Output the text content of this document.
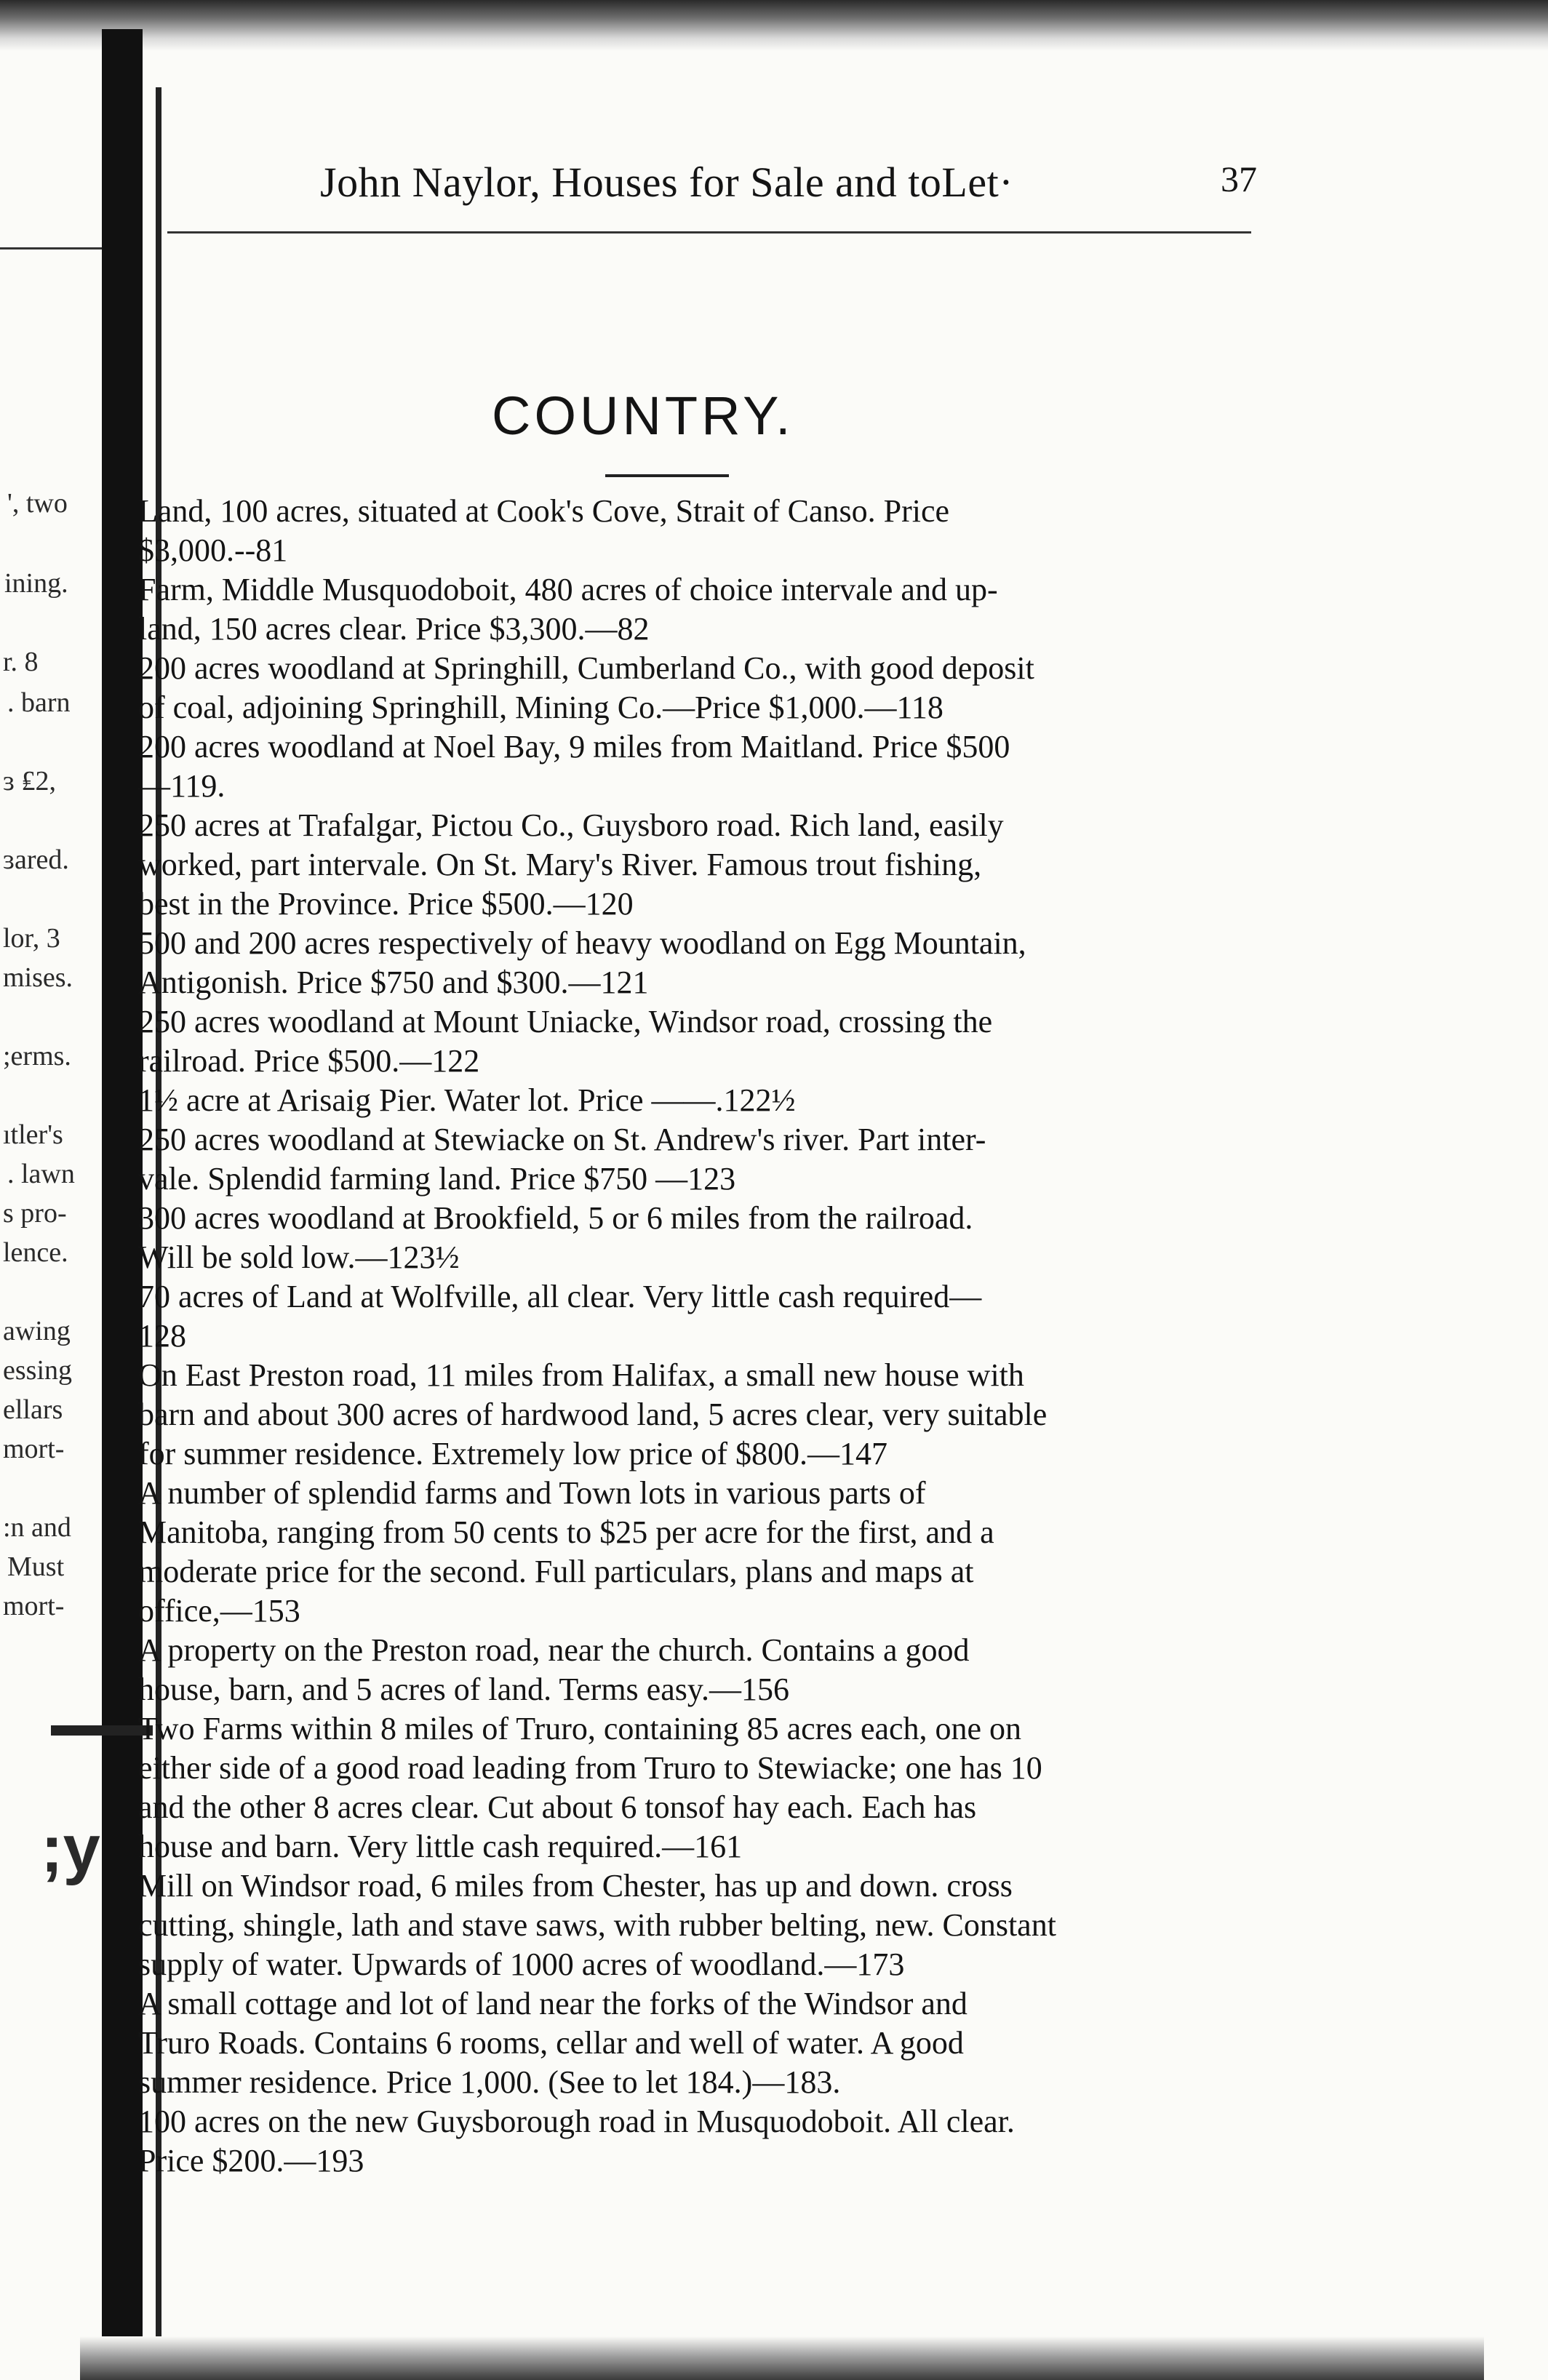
', two
ining.
r. 8
. barn
ɜ ₤2,
ɜared.
lor, 3
mises.
;erms.
ıtler's
. lawn
s pro-
lence.
awing
essing
ellars
mort-
:n and
Must
mort-
;y
John Naylor, Houses for Sale and toLet·	37
COUNTRY.
Land, 100 acres, situated at Cook's Cove, Strait of Canso. Price
$3,000.--81
Farm, Middle Musquodoboit, 480 acres of choice intervale and up-
land, 150 acres clear. Price $3,300.—82
200 acres woodland at Springhill, Cumberland Co., with good deposit
of coal, adjoining Springhill, Mining Co.—Price $1,000.—118
200 acres woodland at Noel Bay, 9 miles from Maitland. Price $500
—119.
250 acres at Trafalgar, Pictou Co., Guysboro road. Rich land, easily
worked, part intervale. On St. Mary's River. Famous trout fishing,
best in the Province. Price $500.—120
500 and 200 acres respectively of heavy woodland on Egg Mountain,
Antigonish. Price $750 and $300.—121
250 acres woodland at Mount Uniacke, Windsor road, crossing the
railroad. Price $500.—122
1½ acre at Arisaig Pier. Water lot. Price ——.122½
250 acres woodland at Stewiacke on St. Andrew's river. Part inter-
vale. Splendid farming land. Price $750 —123
300 acres woodland at Brookfield, 5 or 6 miles from the railroad.
Will be sold low.—123½
70 acres of Land at Wolfville, all clear. Very little cash required—
128
On East Preston road, 11 miles from Halifax, a small new house with
barn and about 300 acres of hardwood land, 5 acres clear, very suitable
for summer residence. Extremely low price of $800.—147
A number of splendid farms and Town lots in various parts of
Manitoba, ranging from 50 cents to $25 per acre for the first, and a
moderate price for the second. Full particulars, plans and maps at
office,—153
A property on the Preston road, near the church. Contains a good
house, barn, and 5 acres of land. Terms easy.—156
Two Farms within 8 miles of Truro, containing 85 acres each, one on
either side of a good road leading from Truro to Stewiacke; one has 10
and the other 8 acres clear. Cut about 6 tonsof hay each. Each has
house and barn. Very little cash required.—161
Mill on Windsor road, 6 miles from Chester, has up and down. cross
cutting, shingle, lath and stave saws, with rubber belting, new. Constant
supply of water. Upwards of 1000 acres of woodland.—173
A small cottage and lot of land near the forks of the Windsor and
Truro Roads. Contains 6 rooms, cellar and well of water. A good
summer residence. Price 1,000. (See to let 184.)—183.
100 acres on the new Guysborough road in Musquodoboit. All clear.
Price $200.—193
